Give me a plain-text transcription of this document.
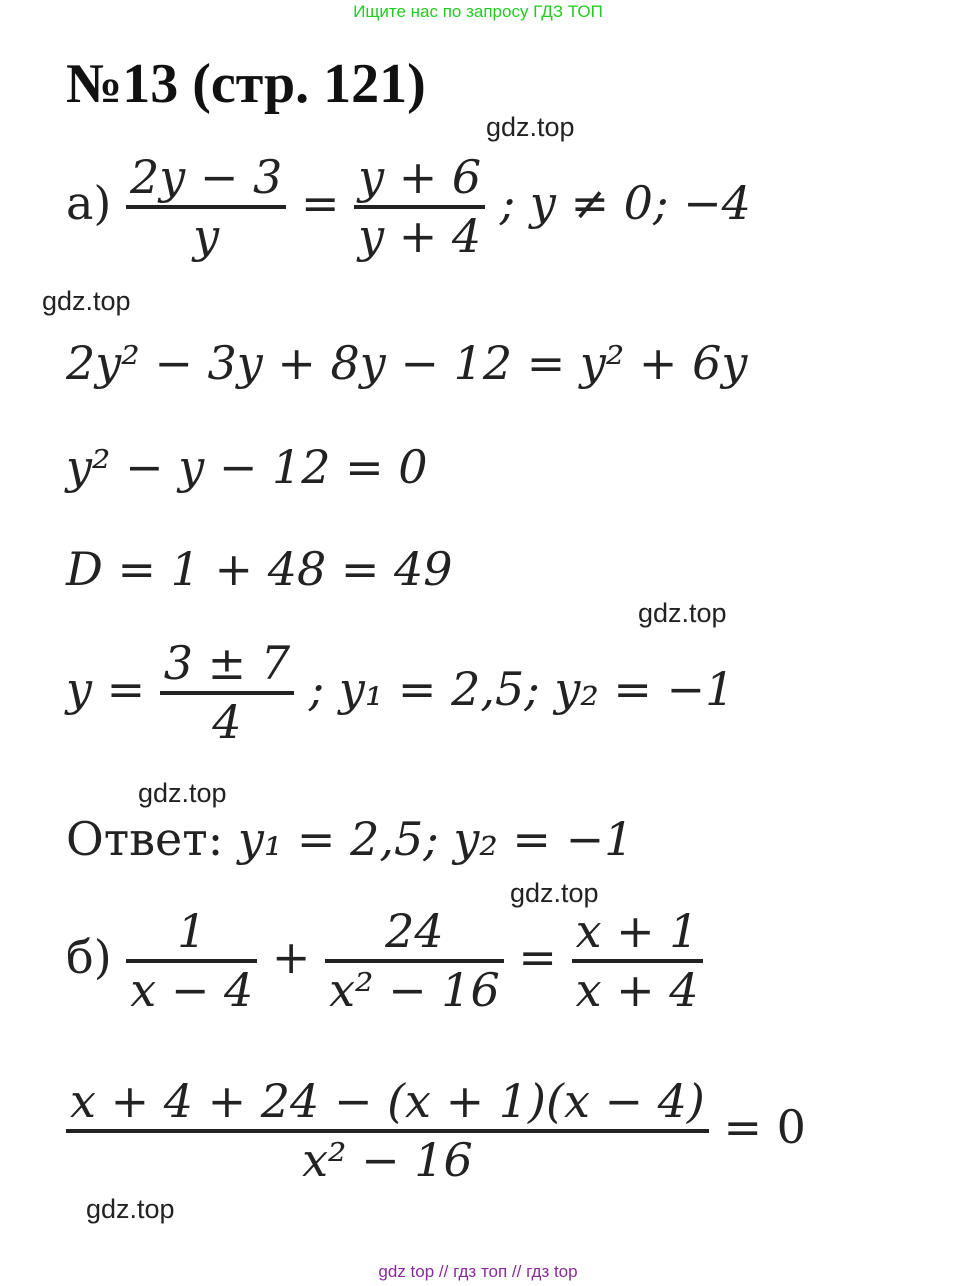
Ищите нас по запросу ГДЗ ТОП
№13 (стр. 121)
gdz.top
gdz.top
gdz.top
gdz.top
gdz.top
gdz.top
$а) \frac{2y - 3}{y} = \frac{y + 6}{y + 4}$ ; y ≠ 0; −4
2y² − 3y + 8y − 12 = y² + 6y
y² − y − 12 = 0
D = 1 + 48 = 49
$y = \frac{3 \pm 7}{4}$ ; y₁ = 2,5; y₂ = −1
Ответ: y₁ = 2,5; y₂ = −1
$б) \frac{1}{x - 4} + \frac{24}{\text{x² − 16}} = \frac{x + 1}{x + 4}$
$\frac{x + 4 + 24 - (x + 1)(x - 4)}{\text{x² − 16}} = 0$
gdz top // гдз топ // гдз top
